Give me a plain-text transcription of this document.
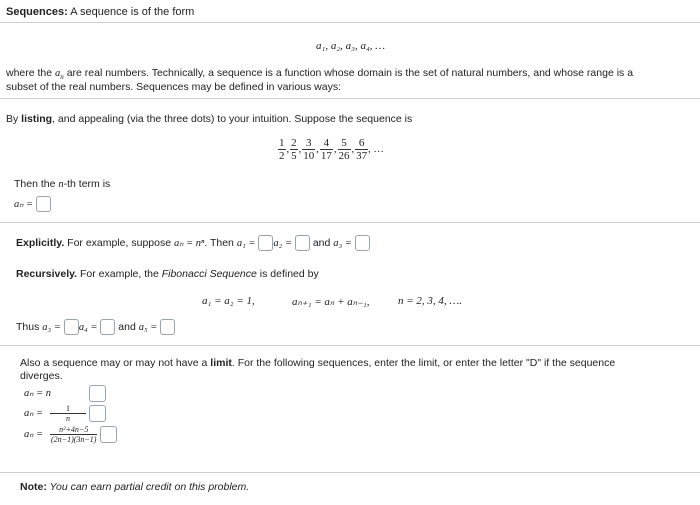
Sequences: A sequence is of the form
a₁, a₂, a₃, a₄, …
where the $a_n$ are real numbers. Technically, a sequence is a function whose domain is the set of natural numbers, and whose range is a
subset of the real numbers. Sequences may be defined in various ways:
By listing, and appealing (via the three dots) to your intuition. Suppose the sequence is
$\frac{1}{2}$ , $\frac{2}{5}$ , $\frac{3}{10}$ , $\frac{4}{17}$ , $\frac{5}{26}$ , $\frac{6}{37}$ , …
Then the n-th term is
aₙ =
Explicitly. For example, suppose aₙ = nⁿ. Then a₁ = a₂ = and a₃ =
Recursively. For example, the Fibonacci Sequence is defined by
a₁ = a₂ = 1,	aₙ₊₁ = aₙ + aₙ₋₁,	n = 2, 3, 4, ….
Thus a₃ = a₄ = and a₅ =
Also a sequence may or may not have a limit. For the following sequences, enter the limit, or enter the letter "D" if the sequence
diverges.
aₙ = n
$a_n = \frac{1}{n}$

$a_n = \frac{\text{n²+4n−5}}{(2n-1)(3n-1)}$

Note: You can earn partial credit on this problem.
